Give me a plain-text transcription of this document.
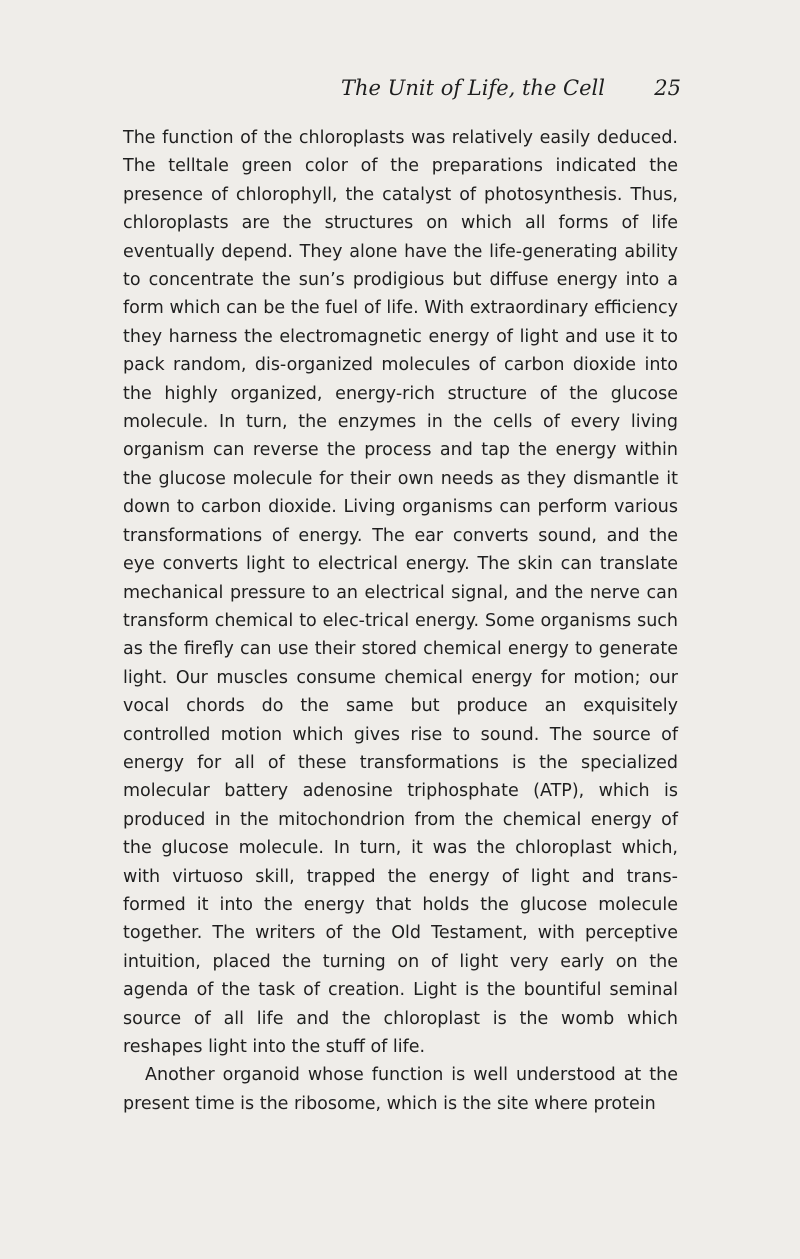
The Unit of Life, the Cell 25

The function of the chloroplasts was relatively easily deduced. The telltale green color of the preparations indicated the presence of chlorophyll, the catalyst of photosynthesis. Thus, chloroplasts are the structures on which all forms of life eventually depend. They alone have the life-generating ability to concentrate the sun’s prodigious but diffuse energy into a form which can be the fuel of life. With extraordinary efficiency they harness the electromagnetic energy of light and use it to pack random, dis-organized molecules of carbon dioxide into the highly organized, energy-rich structure of the glucose molecule. In turn, the enzymes in the cells of every living organism can reverse the process and tap the energy within the glucose molecule for their own needs as they dismantle it down to carbon dioxide. Living organisms can perform various transformations of energy. The ear converts sound, and the eye converts light to electrical energy. The skin can translate mechanical pressure to an electrical signal, and the nerve can transform chemical to elec-trical energy. Some organisms such as the firefly can use their stored chemical energy to generate light. Our muscles consume chemical energy for motion; our vocal chords do the same but produce an exquisitely controlled motion which gives rise to sound. The source of energy for all of these transformations is the specialized molecular battery adenosine triphosphate (ATP), which is produced in the mitochondrion from the chemical energy of the glucose molecule. In turn, it was the chloroplast which, with virtuoso skill, trapped the energy of light and trans-formed it into the energy that holds the glucose molecule together. The writers of the Old Testament, with perceptive intuition, placed the turning on of light very early on the agenda of the task of creation. Light is the bountiful seminal source of all life and the chloroplast is the womb which reshapes light into the stuff of life.

Another organoid whose function is well understood at the present time is the ribosome, which is the site where protein
